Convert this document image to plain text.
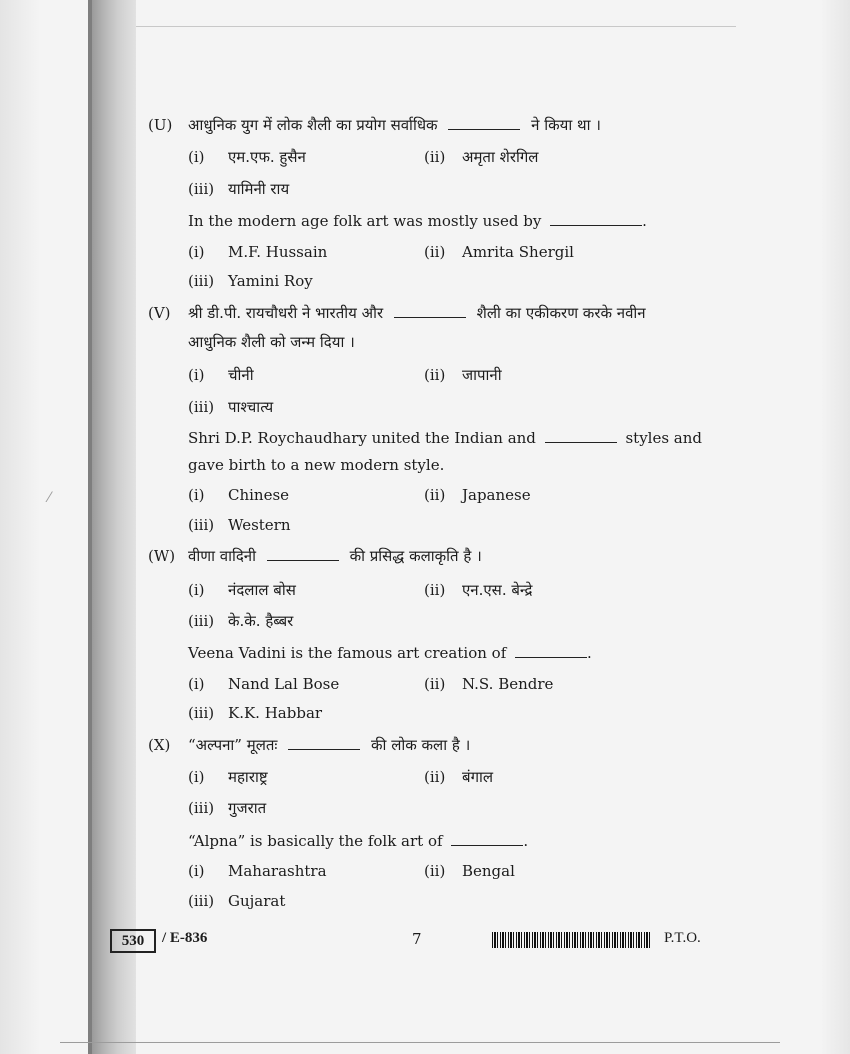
⁄
(U) आधुनिक युग में लोक शैली का प्रयोग सर्वाधिक	ने किया था ।
(i) एम.एफ. हुसैन	(ii) अमृता शेरगिल
(iii) यामिनी राय
In the modern age folk art was mostly used by	.
(i) M.F. Hussain	(ii) Amrita Shergil
(iii) Yamini Roy
(V) श्री डी.पी. रायचौधरी ने भारतीय और	शैली का एकीकरण करके नवीन
आधुनिक शैली को जन्म दिया ।
(i) चीनी	(ii) जापानी
(iii) पाश्चात्य
Shri D.P. Roychaudhary united the Indian and	styles and
gave birth to a new modern style.
(i) Chinese	(ii) Japanese
(iii) Western
(W) वीणा वादिनी	की प्रसिद्ध कलाकृति है ।
(i) नंदलाल बोस	(ii) एन.एस. बेन्द्रे
(iii) के.के. हैब्बर
Veena Vadini is the famous art creation of	.
(i) Nand Lal Bose	(ii) N.S. Bendre
(iii) K.K. Habbar
(X) “अल्पना” मूलतः	की लोक कला है ।
(i) महाराष्ट्र	(ii) बंगाल
(iii) गुजरात
“Alpna” is basically the folk art of	.
(i) Maharashtra	(ii) Bengal
(iii) Gujarat
530	/ E-836	7	P.T.O.
